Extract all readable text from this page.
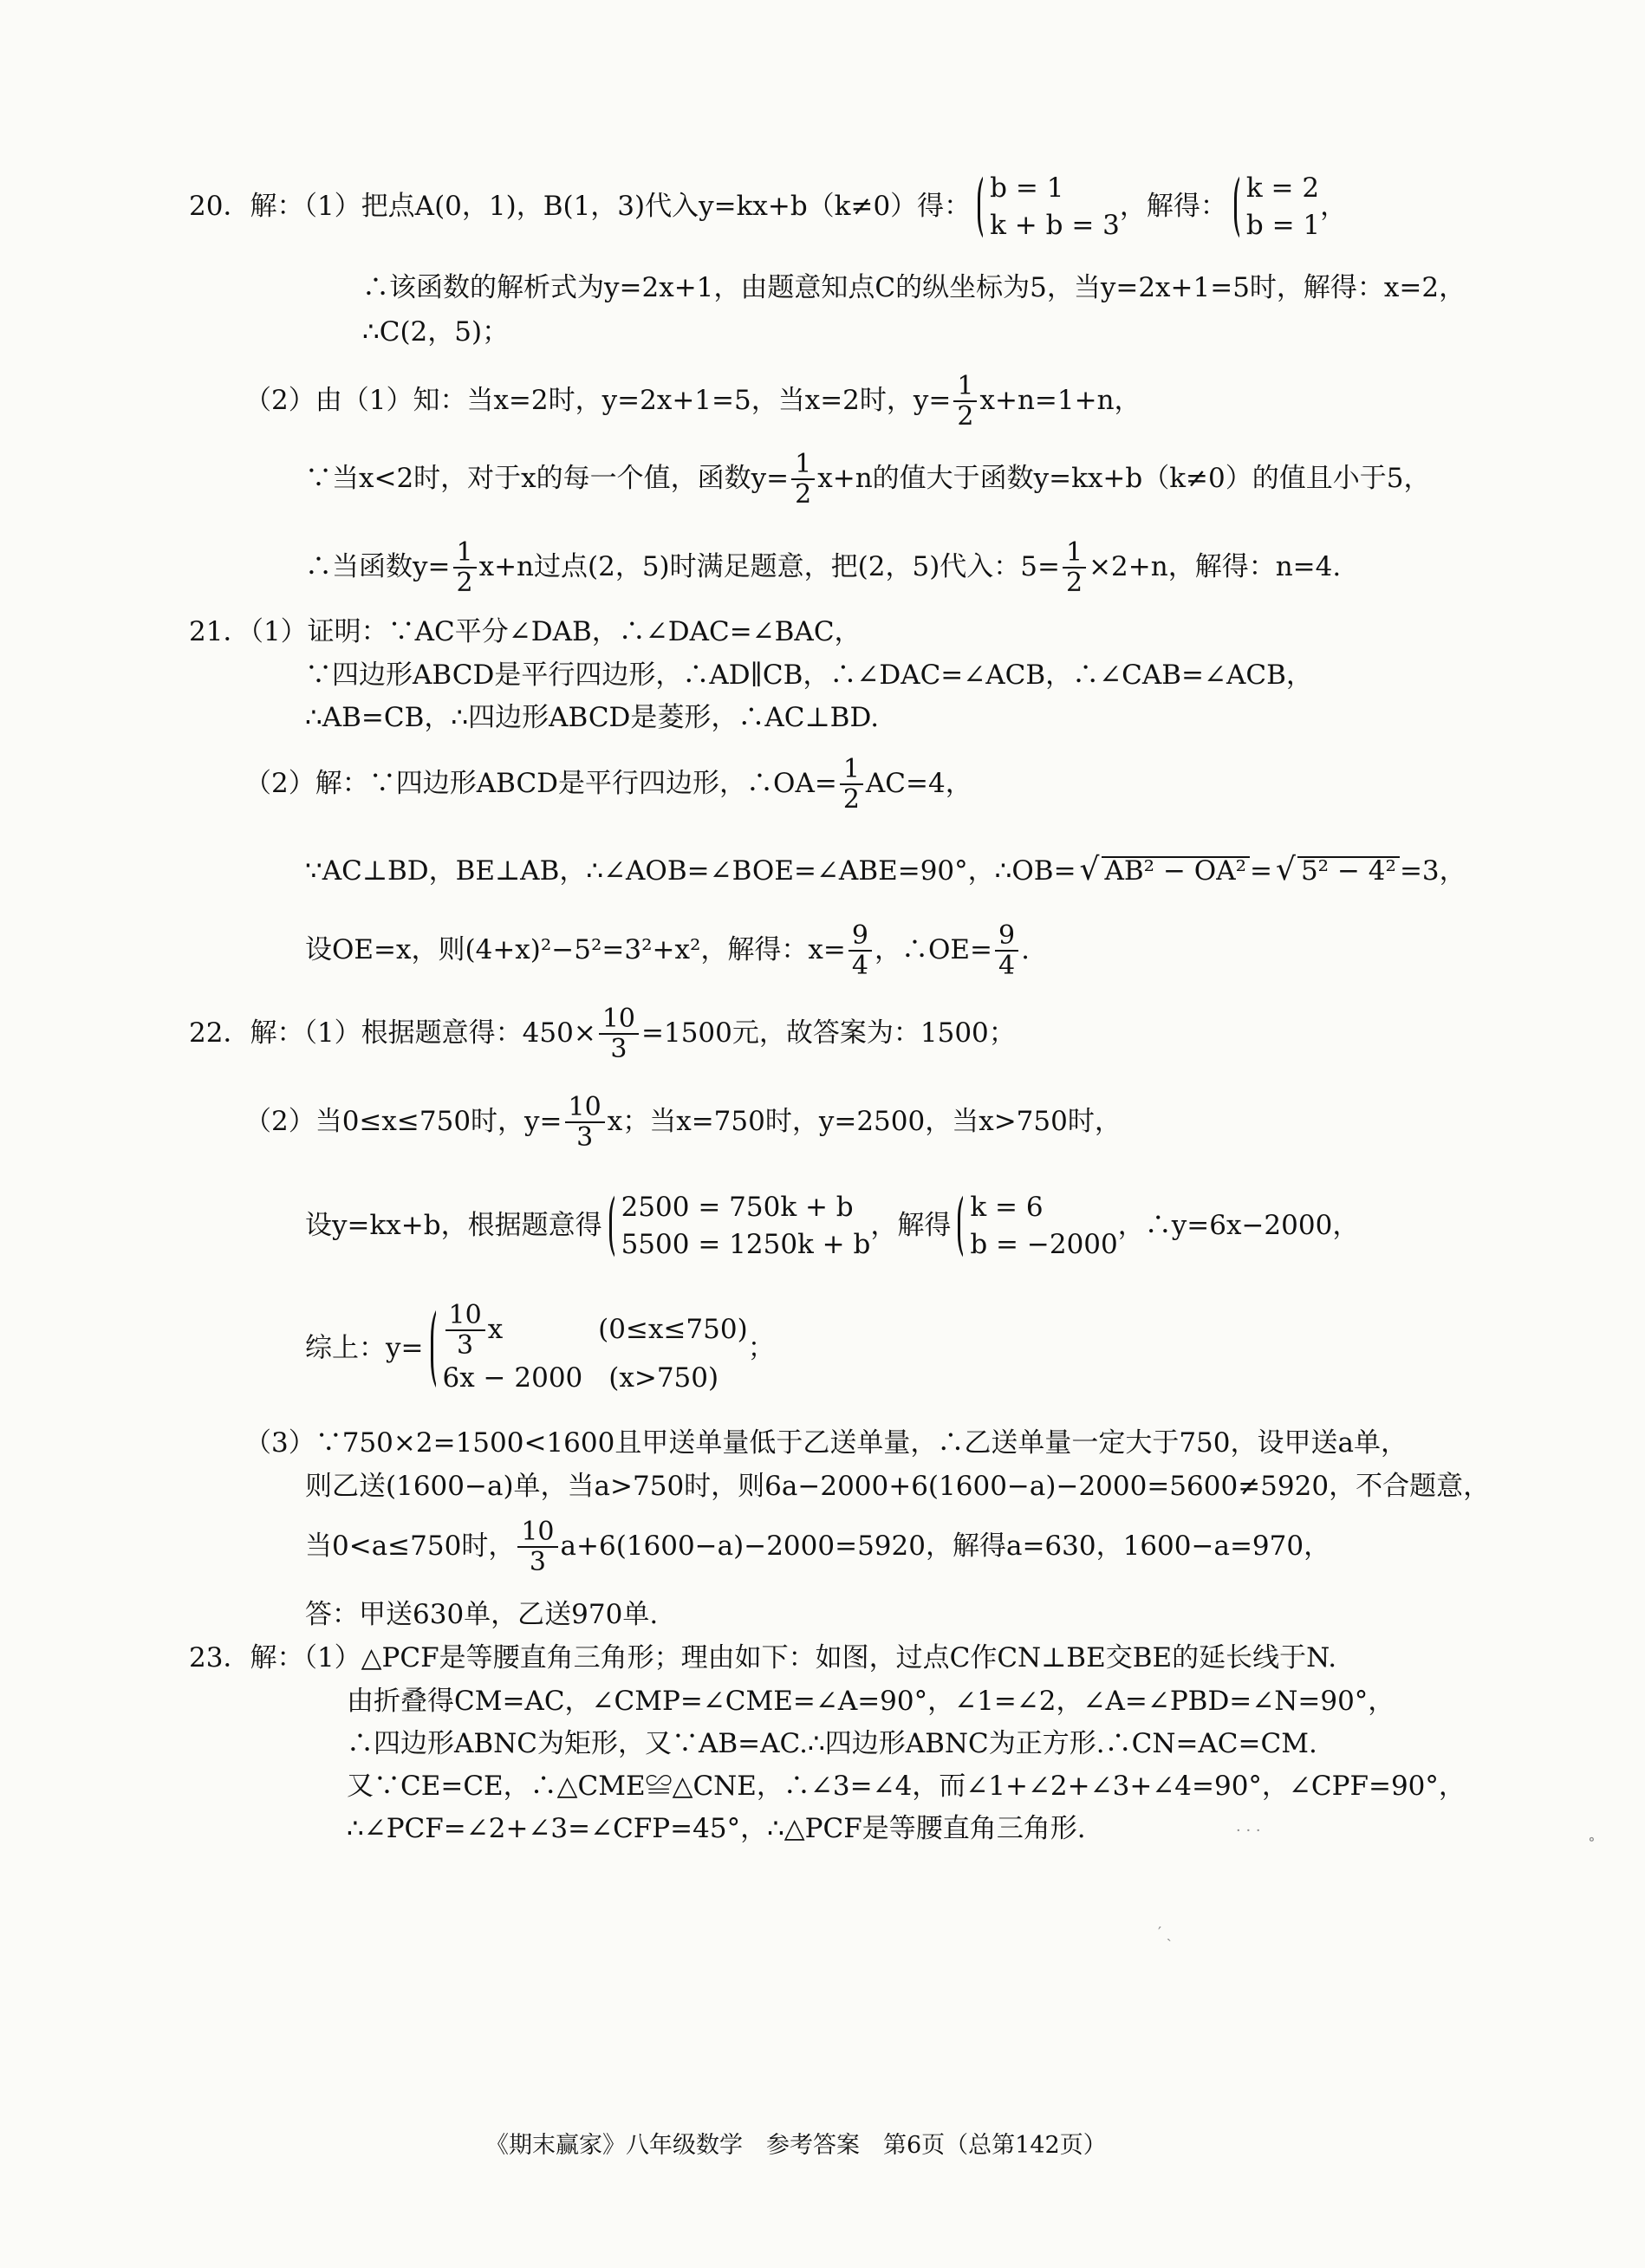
20．解：（1）把点A(0，1)，B(1，3)代入y=kx+b（k≠0）得：
b = 1
k + b = 3
，解得：
k = 2
b = 1
，
∴该函数的解析式为y=2x+1，由题意知点C的纵坐标为5，当y=2x+1=5时，解得：x=2，
∴C(2，5)；
（2）由（1）知：当x=2时，y=2x+1=5，当x=2时，$y= \frac{1}{2} x+n=1+n$，
∵当x<2时，对于x的每一个值，函数$y= \frac{1}{2} x+n$的值大于函数y=kx+b（k≠0）的值且小于5，
∴当函数$y= \frac{1}{2} x+n$过点(2，5)时满足题意，把(2，5)代入：$5= \frac{1}{2} \times 2+n$，解得：n=4.
21．（1）证明：∵AC平分∠DAB，∴∠DAC=∠BAC，
∵四边形ABCD是平行四边形，∴AD∥CB，∴∠DAC=∠ACB，∴∠CAB=∠ACB，
∴AB=CB，∴四边形ABCD是菱形，∴AC⊥BD.
（2）解：∵四边形ABCD是平行四边形，∴OA= $\frac{1}{2} AC=4$，
∵AC⊥BD，BE⊥AB，∴∠AOB=∠BOE=∠ABE=90°，∴OB= √ AB² − OA² = √ 5² − 4² =3，
设OE=x，则(4+x)²−5²=3²+x²，解得：$x= \frac{9}{4}$ ，∴OE= $\frac{9}{4}$ .
22．解：（1）根据题意得：$450\times \frac{10}{3} =1500$元，故答案为：1500；
（2）当0≤x≤750时，$y= \frac{10}{3}$ x；当x=750时，y=2500，当x>750时，
设y=kx+b，根据题意得
2500 = 750k + b
5500 = 1250k + b
，解得
k = 6
b = −2000
，∴y=6x−2000，
综上：$y= \frac{10}{3}$ x	(0≤x≤750)
6x − 2000 (x>750)
；
（3）∵750×2=1500<1600且甲送单量低于乙送单量，∴乙送单量一定大于750，设甲送a单，
则乙送(1600−a)单，当a>750时，则6a−2000+6(1600−a)−2000=5600≠5920，不合题意，
当0<a≤750时， $\frac{10}{3} a+6(1600-a)-2000=5920$，解得a=630，1600−a=970，
答：甲送630单，乙送970单.
23．解：（1）△PCF是等腰直角三角形；理由如下：如图，过点C作CN⊥BE交BE的延长线于N.
由折叠得CM=AC，∠CMP=∠CME=∠A=90°，∠1=∠2，∠A=∠PBD=∠N=90°，
∴四边形ABNC为矩形，又∵AB=AC.∴四边形ABNC为正方形.∴CN=AC=CM.
又∵CE=CE，∴△CME≌△CNE，∴∠3=∠4，而∠1+∠2+∠3+∠4=90°，∠CPF=90°，
∴∠PCF=∠2+∠3=∠CFP=45°，∴△PCF是等腰直角三角形.	· · ·	∘
′ ˎ
《期末赢家》八年级数学　参考答案　第6页（总第142页）
